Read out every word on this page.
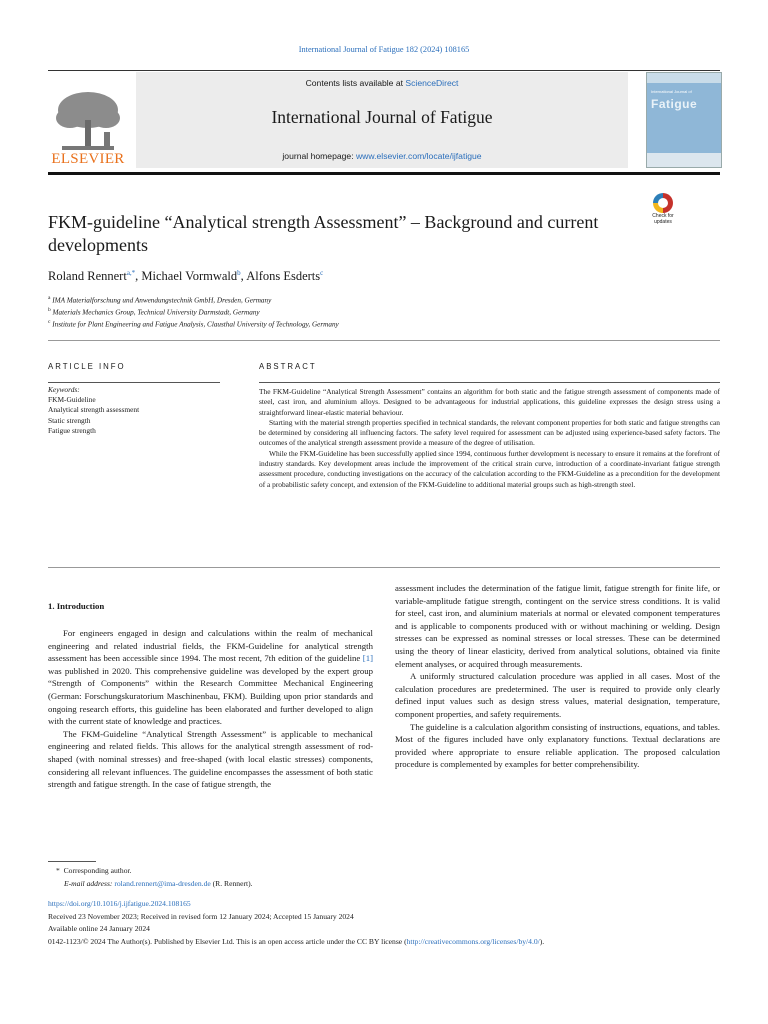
International Journal of Fatigue 182 (2024) 108165
ELSEVIER
Contents lists available at ScienceDirect
International Journal of Fatigue
journal homepage: www.elsevier.com/locate/ijfatigue
International Journal of
Fatigue
Check for
updates
FKM-guideline “Analytical strength Assessment” – Background and current developments
Roland Rennert$^{a,*}$, Michael Vormwald$^b$, Alfons Esderts$^c$
$^a$ IMA Materialforschung und Anwendungstechnik GmbH, Dresden, Germany
$^b$ Materials Mechanics Group, Technical University Darmstadt, Germany
$^c$ Institute for Plant Engineering and Fatigue Analysis, Clausthal University of Technology, Germany
ARTICLE INFO	ABSTRACT
Keywords:
FKM-Guideline
Analytical strength assessment
Static strength
Fatigue strength

The FKM-Guideline “Analytical Strength Assessment” contains an algorithm for both static and the fatigue strength assessment of components made of steel, cast iron, and aluminium alloys. Designed to be advantageous for industrial applications, this guideline expresses the design stress using a straightforward linear-elastic material behaviour.

Starting with the material strength properties specified in technical standards, the relevant component properties for both static and fatigue strengths can be determined by considering all influencing factors. The safety level required for assessment can be adjusted using experience-based safety factors. The outcomes of the analytical strength assessment provide a measure of the degree of utilisation.

While the FKM-Guideline has been successfully applied since 1994, continuous further development is necessary to ensure it remains at the forefront of industry standards. Key development areas include the improvement of the critical strain curve, introduction of a coordinate-invariant fatigue strength assessment procedure, conducting investigations on the accuracy of the calculation according to the FKM-Guideline as a precondition for the development of a probabilistic safety concept, and extension of the FKM-Guideline to additional material groups such as high-strength steel.

1. Introduction

For engineers engaged in design and calculations within the realm of mechanical engineering and related industrial fields, the FKM-Guideline for analytical strength assessment has been accessible since 1994. The most recent, 7th edition of the guideline [1] was published in 2020. This comprehensive guideline was developed by the expert group “Strength of Components” within the Research Committee Mechanical Engineering (German: Forschungskuratorium Maschinenbau, FKM). Building upon prior standards and ongoing research efforts, this guideline has been elaborated and further developed to align with the current state of knowledge and practices.

The FKM-Guideline “Analytical Strength Assessment” is applicable to mechanical engineering and related fields. This allows for the analytical strength assessment of rod-shaped (with nominal stresses) and free-shaped (with local elastic stresses) components, considering all relevant influences. The guideline encompasses the assessment of both static strength and fatigue strength. In the case of fatigue strength, the

assessment includes the determination of the fatigue limit, fatigue strength for finite life, or variable-amplitude fatigue strength, contingent on the service stress conditions. It is valid for steel, cast iron, and aluminium materials at normal or elevated component temperatures and is applicable to components produced with or without machining or welding. Design stresses can be expressed as nominal stresses or local stresses. These can be determined using the theory of linear elasticity, derived from analytical solutions, obtained via finite element analyses, or acquired through measurements.

A uniformly structured calculation procedure was applied in all cases. Most of the calculation procedures are predetermined. The user is required to provide only clearly defined input values such as design stress values, material designation, temperature, component properties, and safety requirements.

The guideline is a calculation algorithm consisting of instructions, equations, and tables. Most of the figures included have only explanatory functions. Textual declarations are provided where appropriate to ensure reliable application. The proposed calculation procedure is complemented by examples for better comprehensibility.

* Corresponding author.
E-mail address: roland.rennert@ima-dresden.de (R. Rennert).
https://doi.org/10.1016/j.ijfatigue.2024.108165
Received 23 November 2023; Received in revised form 12 January 2024; Accepted 15 January 2024
Available online 24 January 2024
0142-1123/© 2024 The Author(s). Published by Elsevier Ltd. This is an open access article under the CC BY license (http://creativecommons.org/licenses/by/4.0/).
